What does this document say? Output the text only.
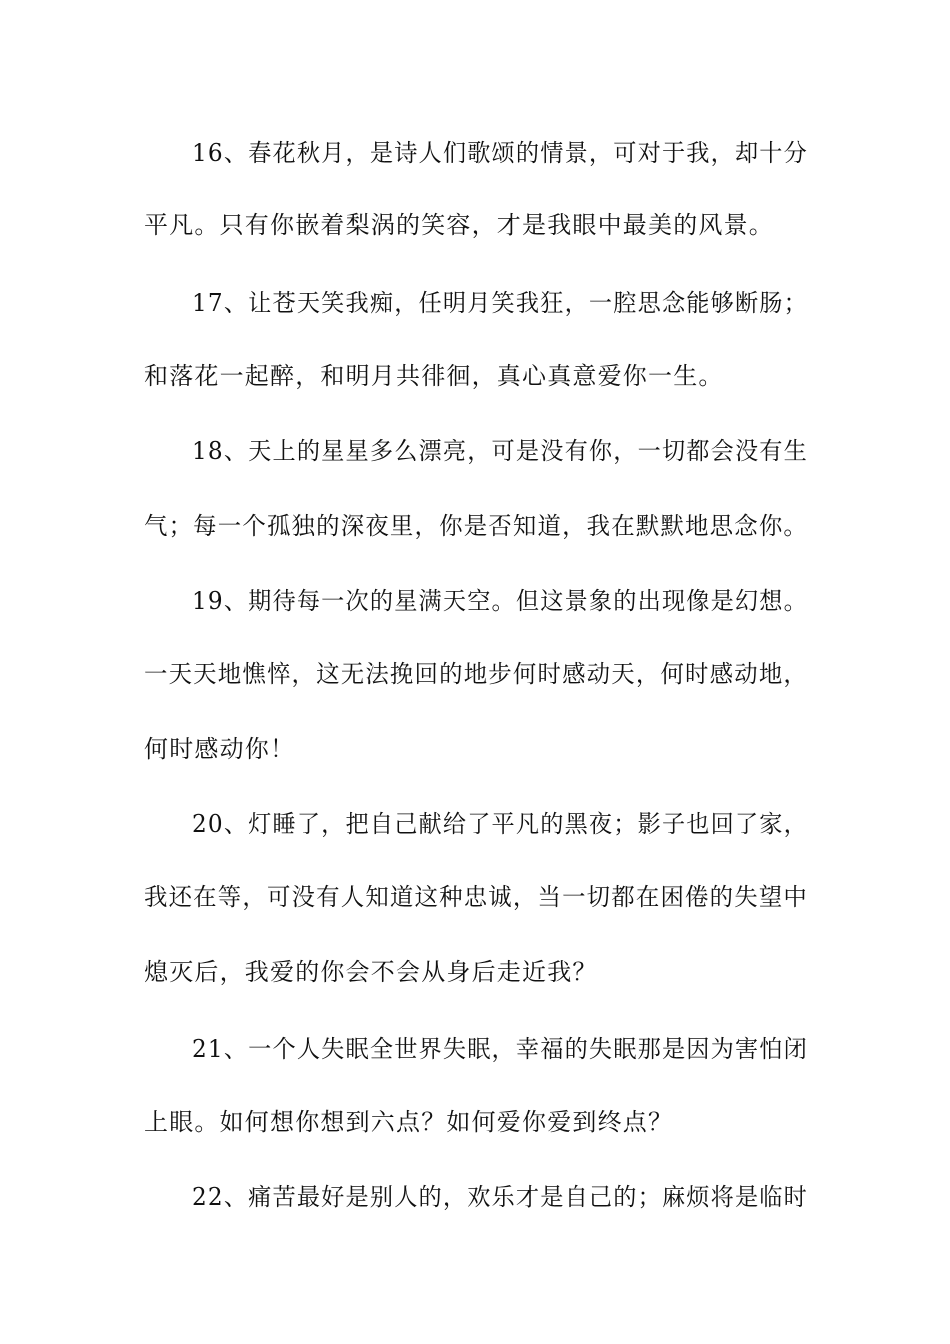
16、春花秋月，是诗人们歌颂的情景，可对于我，却十分

平凡。只有你嵌着梨涡的笑容，才是我眼中最美的风景。

17、让苍天笑我痴，任明月笑我狂，一腔思念能够断肠；

和落花一起醉，和明月共徘徊，真心真意爱你一生。

18、天上的星星多么漂亮，可是没有你，一切都会没有生

气；每一个孤独的深夜里，你是否知道，我在默默地思念你。

19、期待每一次的星满天空。但这景象的出现像是幻想。

一天天地憔悴，这无法挽回的地步何时感动天，何时感动地，

何时感动你！

20、灯睡了，把自己献给了平凡的黑夜；影子也回了家，

我还在等，可没有人知道这种忠诚，当一切都在困倦的失望中

熄灭后，我爱的你会不会从身后走近我？

21、一个人失眠全世界失眠，幸福的失眠那是因为害怕闭

上眼。如何想你想到六点？如何爱你爱到终点？

22、痛苦最好是别人的，欢乐才是自己的；麻烦将是临时
